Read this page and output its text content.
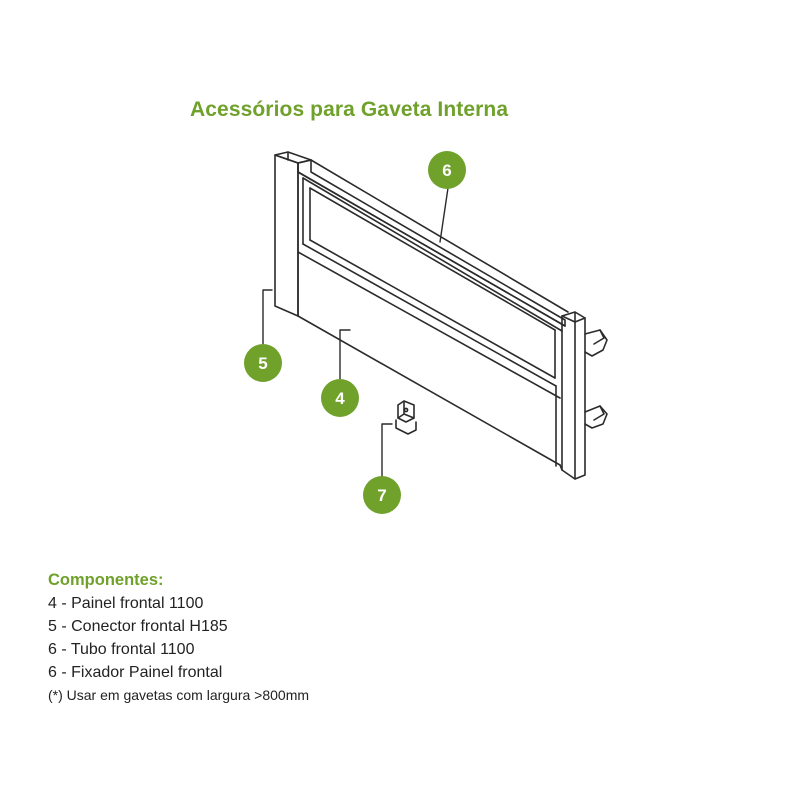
Acessórios para Gaveta Interna
6
5
4
7
Componentes:
4 - Painel frontal 1100
5 - Conector frontal H185
6 - Tubo frontal 1100
6 - Fixador Painel frontal
(*) Usar em gavetas com largura >800mm
